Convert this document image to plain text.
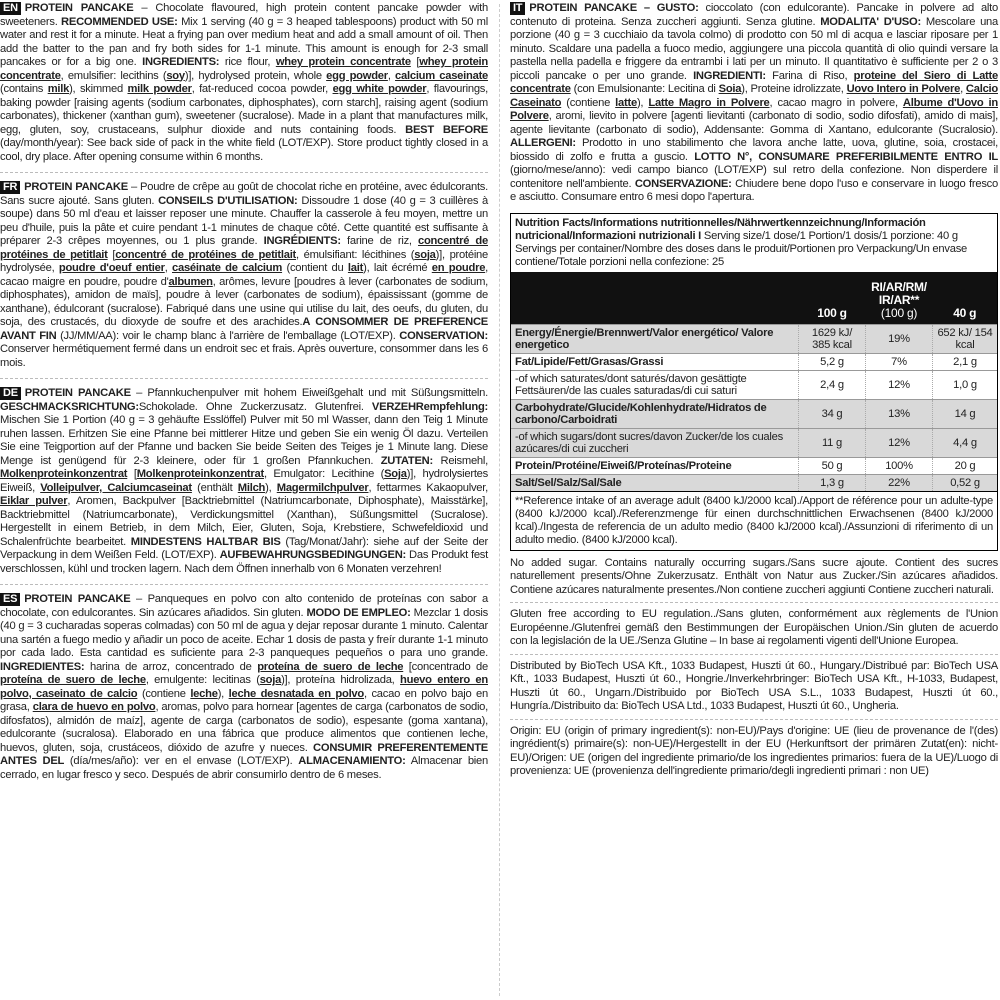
EN PROTEIN PANCAKE – Chocolate flavoured, high protein content pancake powder with sweeteners. RECOMMENDED USE: Mix 1 serving (40 g = 3 heaped tablespoons) product with 50 ml water and rest it for a minute. Heat a frying pan over medium heat and add a small amount of oil. Then add the batter to the pan and fry both sides for 1-1 minute. This amount is enough for 2-3 small pancakes or for a big one. INGREDIENTS: rice flour, whey protein concentrate [whey protein concentrate, emulsifier: lecithins (soy)], hydrolysed protein, whole egg powder, calcium caseinate (contains milk), skimmed milk powder, fat-reduced cocoa powder, egg white powder, flavourings, baking powder [raising agents (sodium carbonates, diphosphates), corn starch], raising agent (sodium carbonates), thickener (xanthan gum), sweetener (sucralose). Made in a plant that manufactures milk, egg, gluten, soy, crustaceans, sulphur dioxide and nuts containing foods. BEST BEFORE (day/month/year): See back side of pack in the white field (LOT/EXP). Store product tightly closed in a cool, dry place. After opening consume within 6 months.
FR PROTEIN PANCAKE – Poudre de crêpe au goût de chocolat riche en protéine, avec édulcorants. Sans sucre ajouté. Sans gluten. CONSEILS D'UTILISATION: Dissoudre 1 dose (40 g = 3 cuillères à soupe) dans 50 ml d'eau et laisser reposer une minute. Chauffer la casserole à feu moyen, mettre un peu d'huile, puis la pâte et cuire pendant 1-1 minutes de chaque côté. Cette quantité est suffisante à préparer 2-3 crêpes moyennes, ou 1 plus grande. INGRÉDIENTS: farine de riz, concentré de protéines de petitlait [concentré de protéines de petitlait, émulsifiant: lécithines (soja)], protéine hydrolysée, poudre d'oeuf entier, caséinate de calcium (contient du lait), lait écrémé en poudre, cacao maigre en poudre, poudre d'albumen, arômes, levure [poudres à lever (carbonates de sodium, diphosphates), amidon de maïs], poudre à lever (carbonates de sodium), épaississant (gomme de xanthane), édulcorant (sucralose). Fabriqué dans une usine qui utilise du lait, des oeufs, du gluten, du soja, des crustacés, du dioxyde de soufre et des arachides.A CONSOMMER DE PREFERENCE AVANT FIN (JJ/MM/AA): voir le champ blanc à l'arrière de l'emballage (LOT/EXP). CONSERVATION: Conserver hermétiquement fermé dans un endroit sec et frais. Après ouverture, consommer dans les 6 mois.
DE PROTEIN PANCAKE – Pfannkuchenpulver mit hohem Eiweißgehalt und mit Süßungsmitteln. GESCHMACKSRICHTUNG:Schokolade. Ohne Zuckerzusatz. Glutenfrei. VERZEHRempfehlung: Mischen Sie 1 Portion (40 g = 3 gehäufte Esslöffel) Pulver mit 50 ml Wasser, dann den Teig 1 Minute ruhen lassen. Erhitzen Sie eine Pfanne bei mittlerer Hitze und geben Sie ein wenig Öl dazu. Verteilen Sie eine Teigportion auf der Pfanne und backen Sie beide Seiten des Teiges je 1 Minute lang. Diese Menge ist genügend für 2-3 kleinere, oder für 1 großen Pfannkuchen. ZUTATEN: Reismehl, Molkenproteinkonzentrat [Molkenproteinkonzentrat, Emulgator: Lecithine (Soja)], hydrolysiertes Eiweiß, Volleipulver, Calciumcaseinat (enthält Milch), Magermilchpulver, fettarmes Kakaopulver, Eiklar pulver, Aromen, Backpulver [Backtriebmittel (Natriumcarbonate, Diphosphate), Maisstärke], Backtriebmittel (Natriumcarbonate), Verdickungsmittel (Xanthan), Süßungsmittel (Sucralose). Hergestellt in einem Betrieb, in dem Milch, Eier, Gluten, Soja, Krebstiere, Schwefeldioxid und Schalenfrüchte bearbeitet. MINDESTENS HALTBAR BIS (Tag/Monat/Jahr): siehe auf der Seite der Verpackung in dem Weißen Feld. (LOT/EXP). AUFBEWAHRUNGSBEDINGUNGEN: Das Produkt fest verschlossen, kühl und trocken lagern. Nach dem Öffnen innerhalb von 6 Monaten verzehren!
ES PROTEIN PANCAKE – Panqueques en polvo con alto contenido de proteínas con sabor a chocolate, con edulcorantes. Sin azúcares añadidos. Sin gluten. MODO DE EMPLEO: Mezclar 1 dosis (40 g = 3 cucharadas soperas colmadas) con 50 ml de agua y dejar reposar durante 1 minuto. Calentar una sartén a fuego medio y añadir un poco de aceite. Echar 1 dosis de pasta y freír durante 1-1 minuto por cada lado. Esta cantidad es suficiente para 2-3 panqueques pequeños o para uno grande. INGREDIENTES: harina de arroz, concentrado de proteína de suero de leche [concentrado de proteína de suero de leche, emulgente: lecitinas (soja)], proteína hidrolizada, huevo entero en polvo, caseinato de calcio (contiene leche), leche desnatada en polvo, cacao en polvo bajo en grasa, clara de huevo en polvo, aromas, polvo para hornear [agentes de carga (carbonatos de sodio, difosfatos), almidón de maíz], agente de carga (carbonatos de sodio), espesante (goma xantana), edulcorante (sucralosa). Elaborado en una fábrica que produce alimentos que contienen leche, huevos, gluten, soja, crustáceos, dióxido de azufre y nueces. CONSUMIR PREFERENTEMENTE ANTES DEL (día/mes/año): ver en el envase (LOT/EXP). ALMACENAMIENTO: Almacenar bien cerrado, en lugar fresco y seco. Después de abrir consumirlo dentro de 6 meses.
IT PROTEIN PANCAKE – GUSTO: cioccolato (con edulcorante). Pancake in polvere ad alto contenuto di proteina. Senza zuccheri aggiunti. Senza glutine. MODALITA' D'USO: Mescolare una porzione (40 g = 3 cucchiaio da tavola colmo) di prodotto con 50 ml di acqua e lasciar riposare per 1 minuto. Scaldare una padella a fuoco medio, aggiungere una piccola quantità di olio quindi versare la pastella nella padella e friggere da entrambi i lati per un minuto. Il quantitativo è sufficiente per 2 o 3 piccoli pancake o per uno grande. INGREDIENTI: Farina di Riso, proteine del Siero di Latte concentrate (con Emulsionante: Lecitina di Soia), Proteine idrolizzate, Uovo Intero in Polvere, Calcio Caseinato (contiene latte), Latte Magro in Polvere, cacao magro in polvere, Albume d'Uovo in Polvere, aromi, lievito in polvere [agenti lievitanti (carbonato di sodio, sodio difosfati), amido di mais], agente lievitante (carbonato di sodio), Addensante: Gomma di Xantano, edulcorante (Sucralosio). ALLERGENI: Prodotto in uno stabilimento che lavora anche latte, uova, glutine, soia, crostacei, biossido di zolfo e frutta a guscio. LOTTO N°, CONSUMARE PREFERIBILMENTE ENTRO IL (giorno/mese/anno): vedi campo bianco (LOT/EXP) sul retro della confezione. Non disperdere il contenitore nell'ambiente. CONSERVAZIONE: Chiudere bene dopo l'uso e conservare in luogo fresco e asciutto. Consumare entro 6 mesi dopo l'apertura.
Nutrition Facts/Informations nutritionnelles/Nährwertkennzeichnung/Información nutricional/Informazioni nutrizionali I Serving size/1 dose/1 Portion/1 dosis/1 porzione: 40 g
Servings per container/Nombre des doses dans le produit/Portionen pro Verpackung/Un envase contiene/Totale porzioni nella confezione: 25
	100 g	RI/AR/RM/ IR/AR**
(100 g)	40 g
Energy/Énergie/Brennwert/Valor energético/ Valore energetico	1629 kJ/ 385 kcal	19%	652 kJ/ 154 kcal
Fat/Lipide/Fett/Grasas/Grassi	5,2 g	7%	2,1 g
-of which saturates/dont saturés/davon gesättigte Fettsäuren/de las cuales saturadas/di cui saturi	2,4 g	12%	1,0 g
Carbohydrate/Glucide/Kohlenhydrate/Hidratos de carbono/Carboidrati	34 g	13%	14 g
-of which sugars/dont sucres/davon Zucker/de los cuales azúcares/di cui zuccheri	11 g	12%	4,4 g
Protein/Protéine/Eiweiß/Proteínas/Proteine	50 g	100%	20 g
Salt/Sel/Salz/Sal/Sale	1,3 g	22%	0,52 g
**Reference intake of an average adult (8400 kJ/2000 kcal)./Apport de référence pour un adulte-type (8400 kJ/2000 kcal)./Referenzmenge für einen durchschnittlichen Erwachsenen (8400 kJ/2000 kcal)./Ingesta de referencia de un adulto medio (8400 kJ/2000 kcal)./Assunzioni di riferimento di un adulto medio. (8400 kJ/2000 kcal).
No added sugar. Contains naturally occurring sugars./Sans sucre ajoute. Contient des sucres naturellement presents/Ohne Zukerzusatz. Enthält von Natur aus Zucker./Sin azúcares añadidos. Contiene azúcares naturalmente presentes./Non contiene zuccheri aggiunti Contiene zuccheri naturali.
Gluten free according to EU regulation../Sans gluten, conformément aux règlements de l'Union Européenne./Glutenfrei gemäß den Bestimmungen der Europäischen Union./Sin gluten de acuerdo con la legislación de la UE./Senza Glutine – In base ai regolamenti vigenti dell'Unione Europea.
Distributed by BioTech USA Kft., 1033 Budapest, Huszti út 60., Hungary./Distribué par: BioTech USA Kft., 1033 Budapest, Huszti út 60., Hongrie./Inverkehrbringer: BioTech USA Kft., H-1033, Budapest, Huszti út 60., Ungarn./Distribuido por BioTech USA S.L., 1033 Budapest, Huszti út 60., Hungría./Distribuito da: BioTech USA Ltd., 1033 Budapest, Huszti út 60., Ungheria.
Origin: EU (origin of primary ingredient(s): non-EU)/Pays d'origine: UE (lieu de provenance de l'(des) ingrédient(s) primaire(s): non-UE)/Hergestellt in der EU (Herkunftsort der primären Zutat(en): nicht-EU)/Origen: UE (origen del ingrediente primario/de los ingredientes primarios: fuera de la UE)/Luogo di provenienza: UE (provenienza dell'ingrediente primario/degli ingredienti primari : non UE)
